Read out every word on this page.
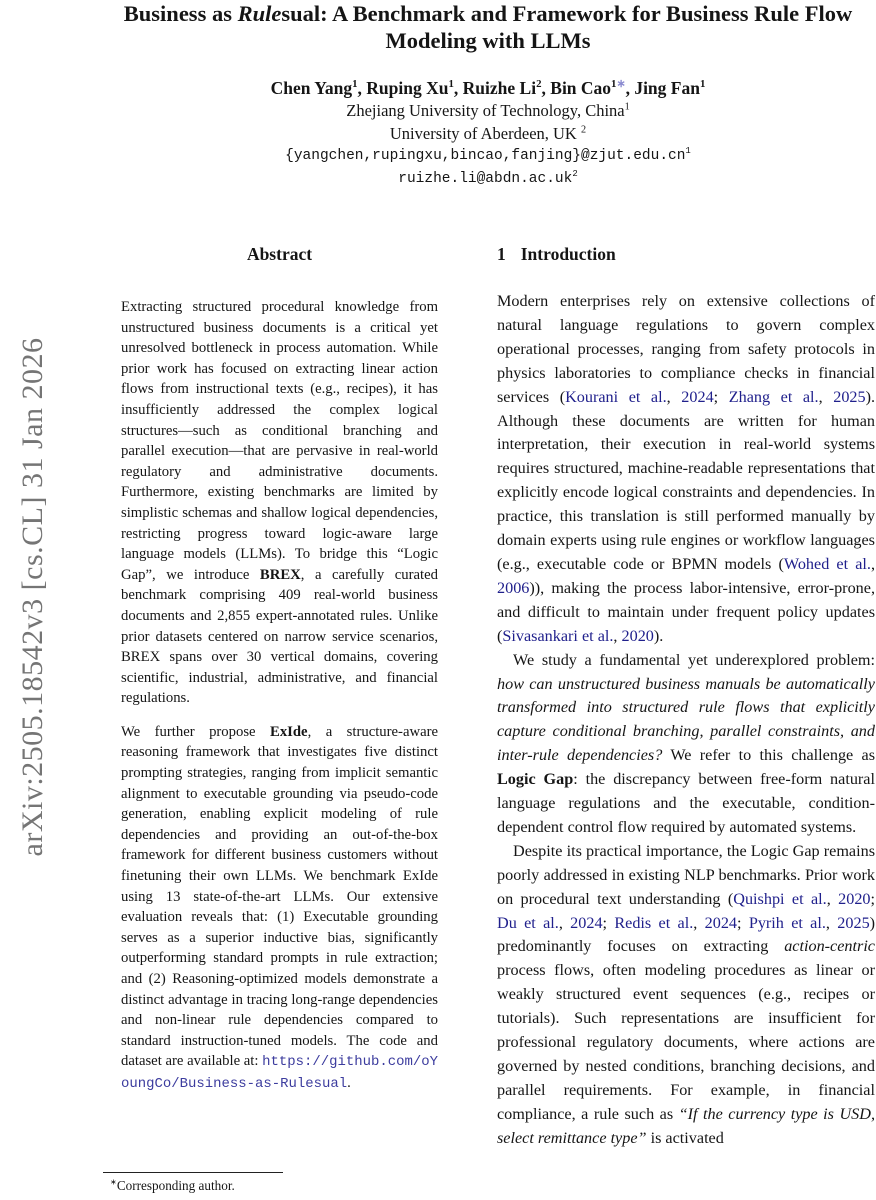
arXiv:2505.18542v3 [cs.CL] 31 Jan 2026
Business as Rulesual: A Benchmark and Framework for Business Rule Flow Modeling with LLMs
Chen Yang$^1$, Ruping Xu$^1$, Ruizhe Li$^2$, Bin Cao$^{1∗}$, Jing Fan$^1$
Zhejiang University of Technology, China$^1$
University of Aberdeen, UK $^2$
$\{yangchen,rupingxu,bincao,fanjing\}@zjut.edu.cn^1$
$ruizhe.li@abdn.ac.uk^2$
Abstract

Extracting structured procedural knowledge from unstructured business documents is a critical yet unresolved bottleneck in process automation. While prior work has focused on extracting linear action flows from instructional texts (e.g., recipes), it has insufficiently addressed the complex logical structures—such as conditional branching and parallel execution—that are pervasive in real-world regulatory and administrative documents. Furthermore, existing benchmarks are limited by simplistic schemas and shallow logical dependencies, restricting progress toward logic-aware large language models (LLMs). To bridge this “Logic Gap”, we introduce BREX, a carefully curated benchmark comprising 409 real-world business documents and 2,855 expert-annotated rules. Unlike prior datasets centered on narrow service scenarios, BREX spans over 30 vertical domains, covering scientific, industrial, administrative, and financial regulations.

We further propose ExIde, a structure-aware reasoning framework that investigates five distinct prompting strategies, ranging from implicit semantic alignment to executable grounding via pseudo-code generation, enabling explicit modeling of rule dependencies and providing an out-of-the-box framework for different business customers without finetuning their own LLMs. We benchmark ExIde using 13 state-of-the-art LLMs. Our extensive evaluation reveals that: (1) Executable grounding serves as a superior inductive bias, significantly outperforming standard prompts in rule extraction; and (2) Reasoning-optimized models demonstrate a distinct advantage in tracing long-range dependencies and non-linear rule dependencies compared to standard instruction-tuned models. The code and dataset are available at: https://github.com/oYoungCo/Business-as-Rulesual.

1 Introduction

Modern enterprises rely on extensive collections of natural language regulations to govern complex operational processes, ranging from safety protocols in physics laboratories to compliance checks in financial services (Kourani et al., 2024; Zhang et al., 2025). Although these documents are written for human interpretation, their execution in real-world systems requires structured, machine-readable representations that explicitly encode logical constraints and dependencies. In practice, this translation is still performed manually by domain experts using rule engines or workflow languages (e.g., executable code or BPMN models (Wohed et al., 2006)), making the process labor-intensive, error-prone, and difficult to maintain under frequent policy updates (Sivasankari et al., 2020).

We study a fundamental yet underexplored problem: how can unstructured business manuals be automatically transformed into structured rule flows that explicitly capture conditional branching, parallel constraints, and inter-rule dependencies? We refer to this challenge as Logic Gap: the discrepancy between free-form natural language regulations and the executable, condition-dependent control flow required by automated systems.

Despite its practical importance, the Logic Gap remains poorly addressed in existing NLP benchmarks. Prior work on procedural text understanding (Quishpi et al., 2020; Du et al., 2024; Redis et al., 2024; Pyrih et al., 2025) predominantly focuses on extracting action-centric process flows, often modeling procedures as linear or weakly structured event sequences (e.g., recipes or tutorials). Such representations are insufficient for professional regulatory documents, where actions are governed by nested conditions, branching decisions, and parallel requirements. For example, in financial compliance, a rule such as “If the currency type is USD, select remittance type” is activated

∗Corresponding author.
